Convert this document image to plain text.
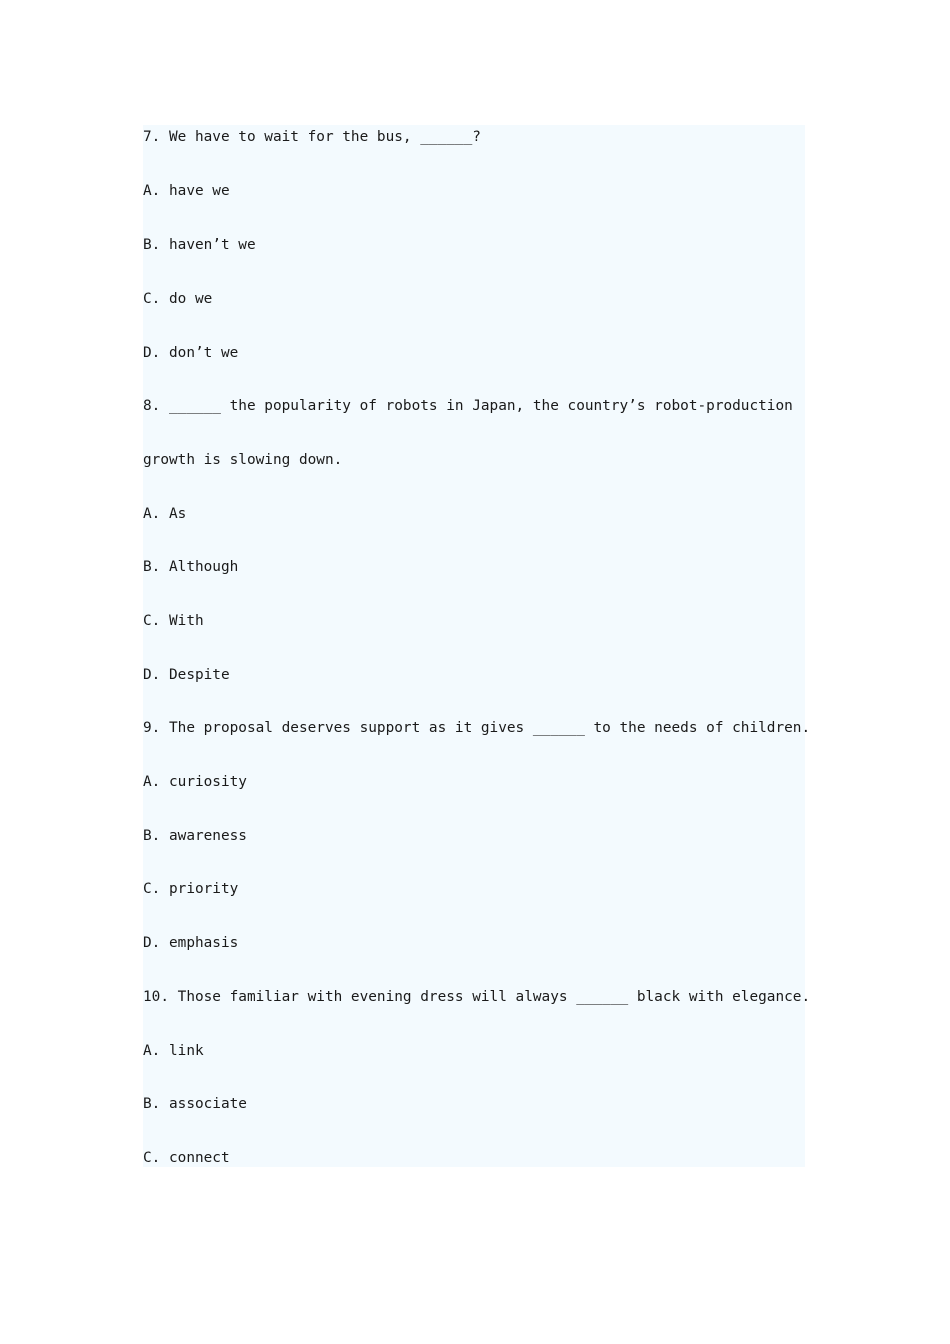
7. We have to wait for the bus, ______?
A. have we
B. haven’t we
C. do we
D. don’t we
8. ______ the popularity of robots in Japan, the country’s robot-production
growth is slowing down.
A. As
B. Although
C. With
D. Despite
9. The proposal deserves support as it gives ______ to the needs of children.
A. curiosity
B. awareness
C. priority
D. emphasis
10. Those familiar with evening dress will always ______ black with elegance.
A. link
B. associate
C. connect
